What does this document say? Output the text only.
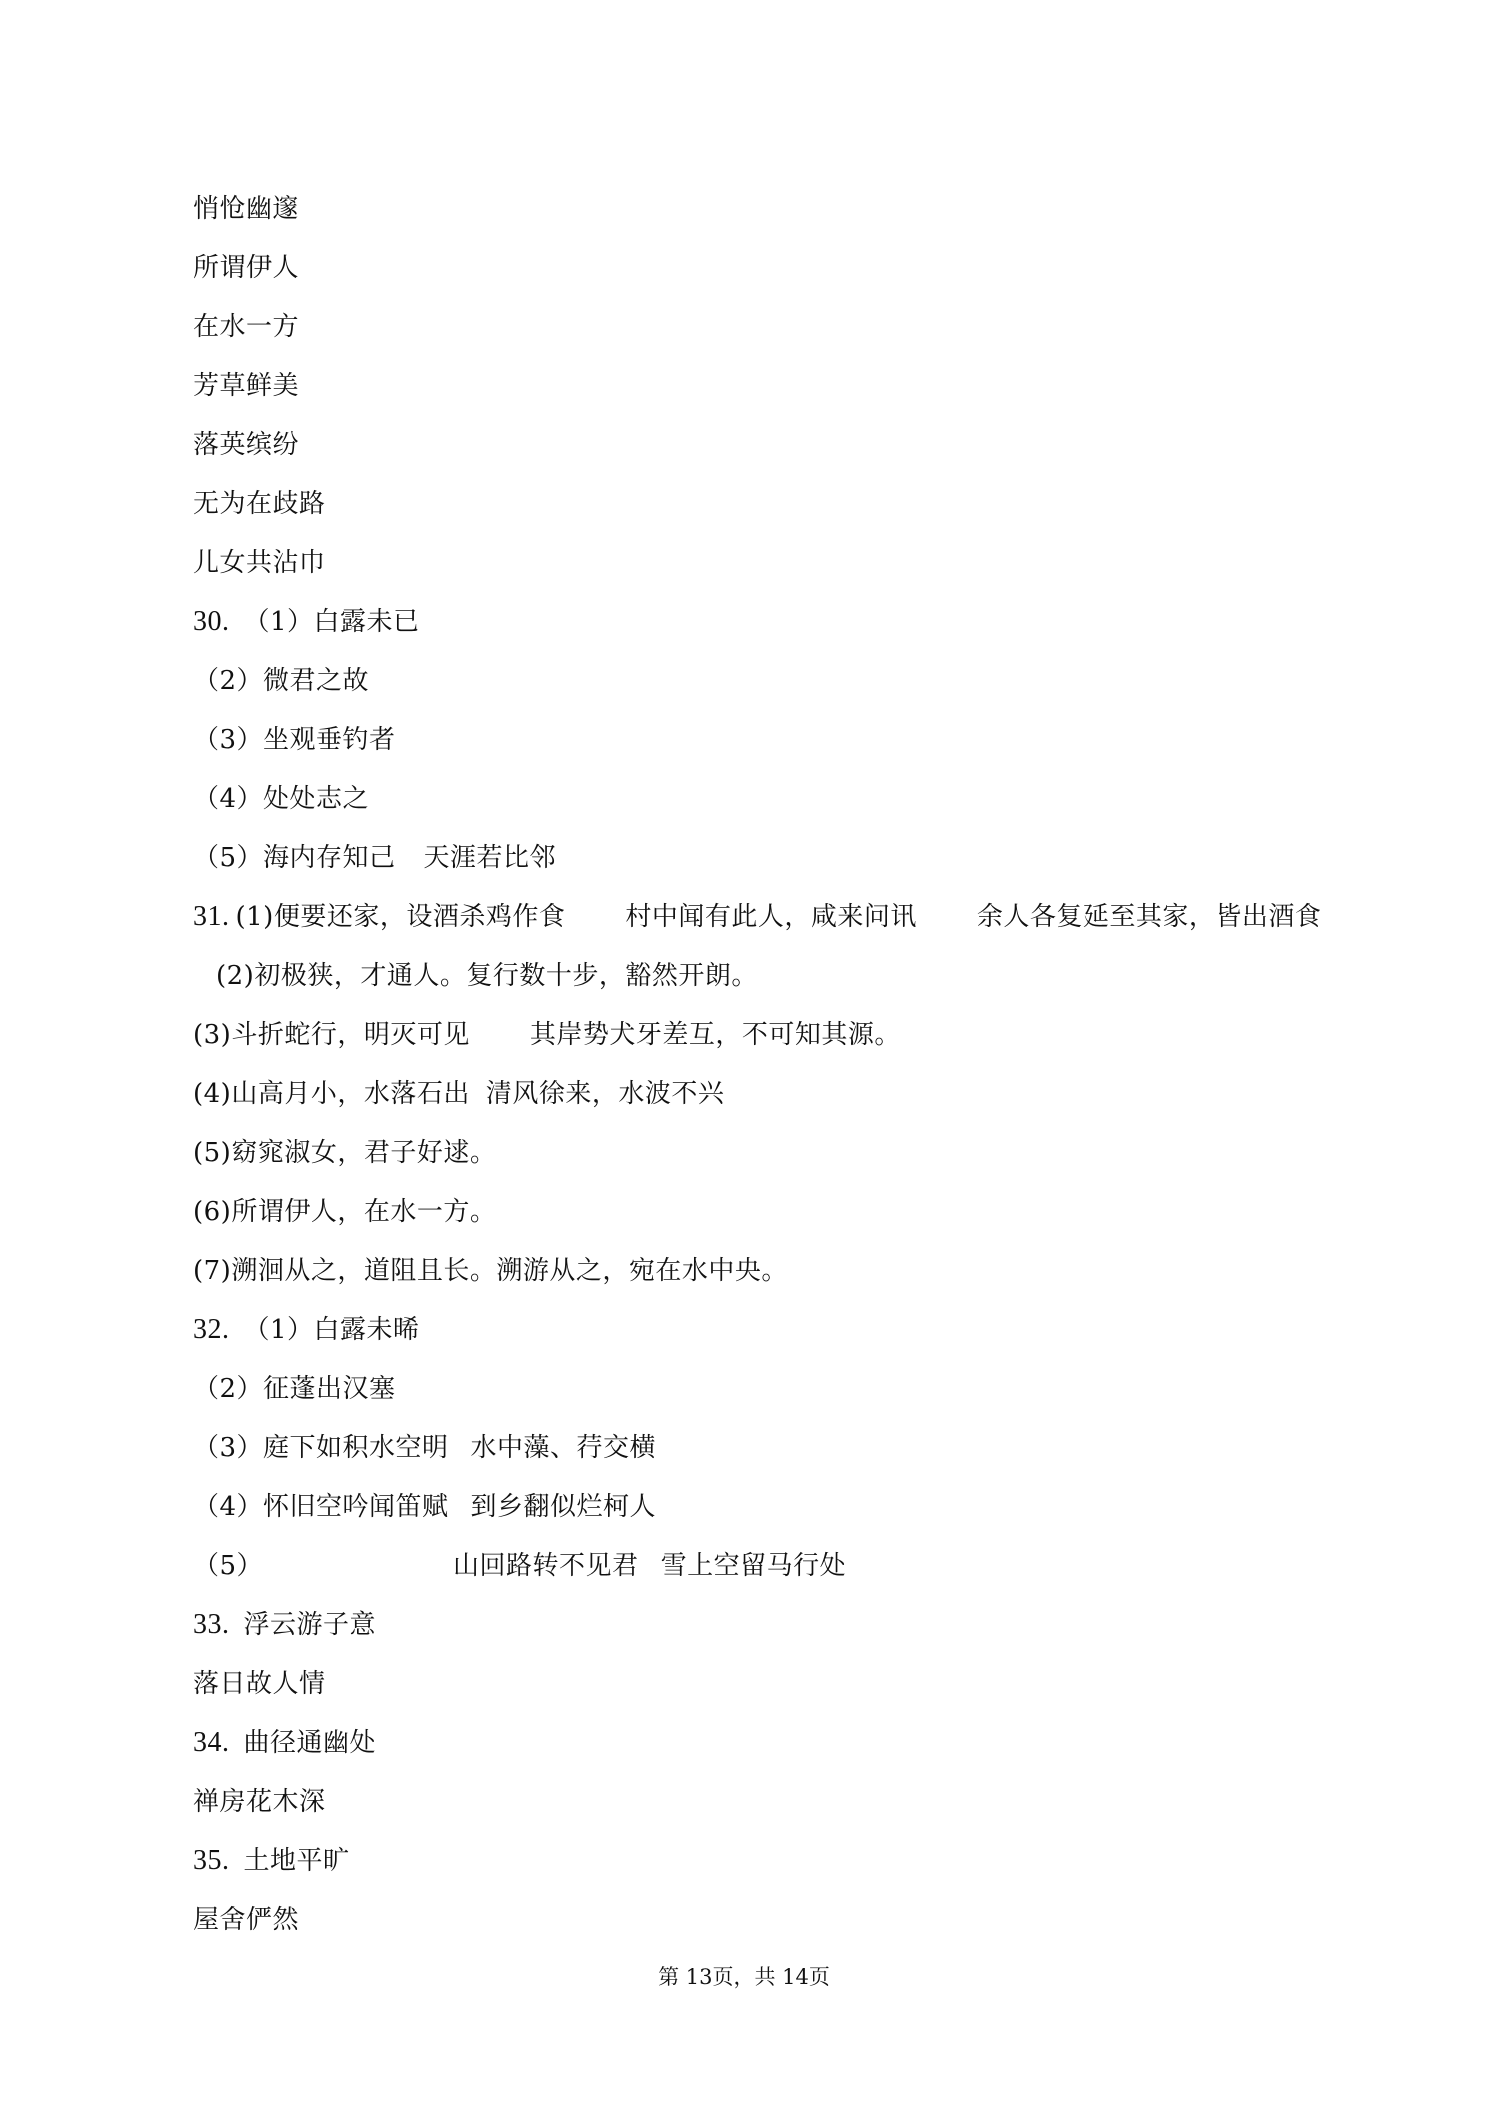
悄怆幽邃
所谓伊人
在水一方
芳草鲜美
落英缤纷
无为在歧路
儿女共沾巾
30. （1）白露未已
（2）微君之故
（3）坐观垂钓者
（4）处处志之
（5）海内存知己 天涯若比邻
31. (1)便要还家，设酒杀鸡作食 村中闻有此人，咸来问讯 余人各复延至其家，皆出酒食
(2)初极狭，才通人。复行数十步，豁然开朗。
(3)斗折蛇行，明灭可见 其岸势犬牙差互，不可知其源。
(4)山高月小，水落石出 清风徐来，水波不兴
(5)窈窕淑女，君子好逑。
(6)所谓伊人，在水一方。
(7)溯洄从之，道阻且长。溯游从之，宛在水中央。
32. （1）白露未晞
（2）征蓬出汉塞
（3）庭下如积水空明 水中藻、荇交横
（4）怀旧空吟闻笛赋 到乡翻似烂柯人
（5）	山回路转不见君 雪上空留马行处
33. 浮云游子意
落日故人情
34. 曲径通幽处
禅房花木深
35. 土地平旷
屋舍俨然
第 13页，共 14页
